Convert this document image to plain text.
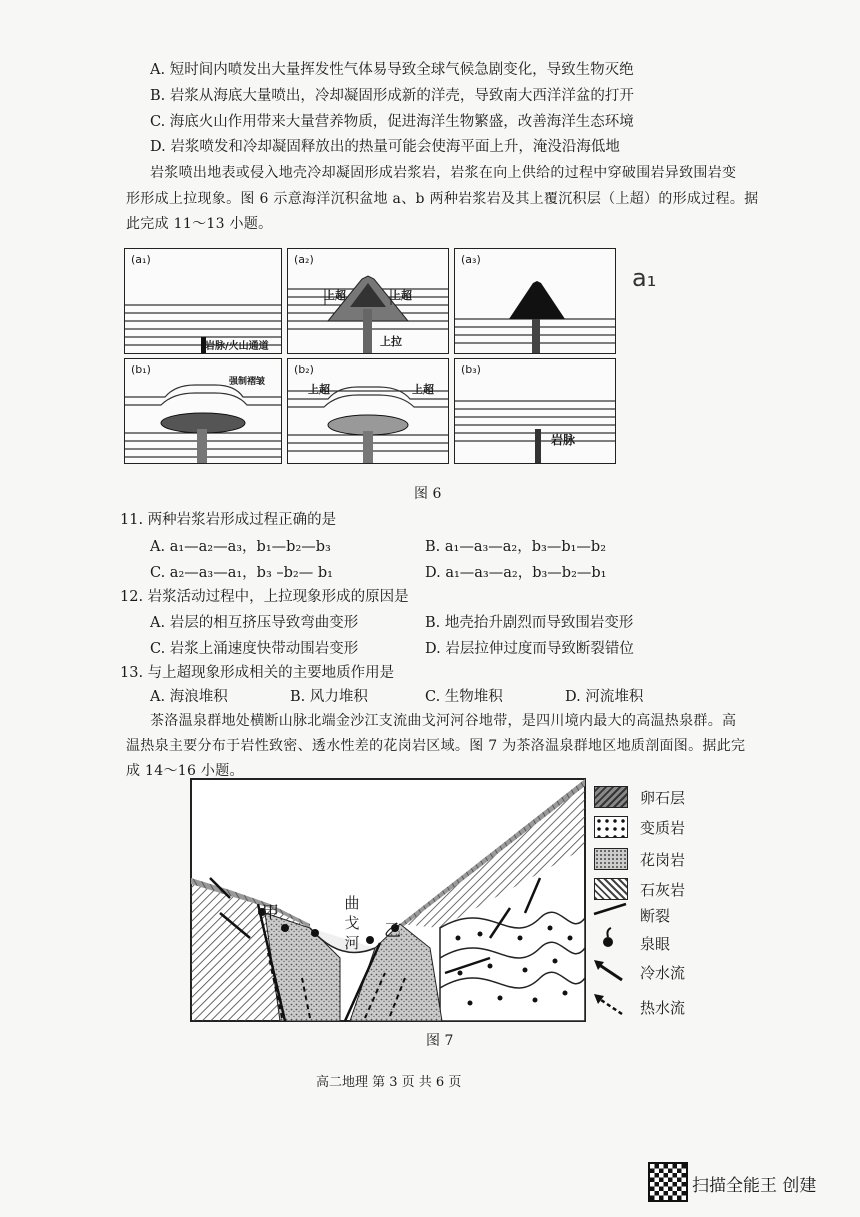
A. 短时间内喷发出大量挥发性气体易导致全球气候急剧变化，导致生物灭绝
B. 岩浆从海底大量喷出，冷却凝固形成新的洋壳，导致南大西洋洋盆的打开
C. 海底火山作用带来大量营养物质，促进海洋生物繁盛，改善海洋生态环境
D. 岩浆喷发和冷却凝固释放出的热量可能会使海平面上升，淹没沿海低地
岩浆喷出地表或侵入地壳冷却凝固形成岩浆岩，岩浆在向上供给的过程中穿破围岩异致围岩变
形形成上拉现象。图 6 示意海洋沉积盆地 a、b 两种岩浆岩及其上覆沉积层（上超）的形成过程。据
此完成 11～13 小题。
(a₁)
岩脉/火山通道
(a₂)
上超	上超
上拉
(a₃)
(b₁)
强制褶皱
(b₂)
上超	上超
(b₃)
岩脉
a₁
图 6
11. 两种岩浆岩形成过程正确的是
A. a₁—a₂—a₃，b₁—b₂—b₃	B. a₁—a₃—a₂，b₃—b₁—b₂
C. a₂—a₃—a₁，b₃ –b₂— b₁	D. a₁—a₃—a₂，b₃—b₂—b₁
12. 岩浆活动过程中，上拉现象形成的原因是
A. 岩层的相互挤压导致弯曲变形	B. 地壳抬升剧烈而导致围岩变形
C. 岩浆上涌速度快带动围岩变形	D. 岩层拉伸过度而导致断裂错位
13. 与上超现象形成相关的主要地质作用是
A. 海浪堆积	B. 风力堆积	C. 生物堆积	D. 河流堆积
茶洛温泉群地处横断山脉北端金沙江支流曲戈河河谷地带，是四川境内最大的高温热泉群。高
温热泉主要分布于岩性致密、透水性差的花岗岩区域。图 7 为茶洛温泉群地区地质剖面图。据此完
成 14～16 小题。
甲
乙
曲戈河
卵石层
变质岩
花岗岩
石灰岩
断裂
泉眼
冷水流
热水流
图 7
高二地理 第 3 页 共 6 页
扫描全能王 创建
